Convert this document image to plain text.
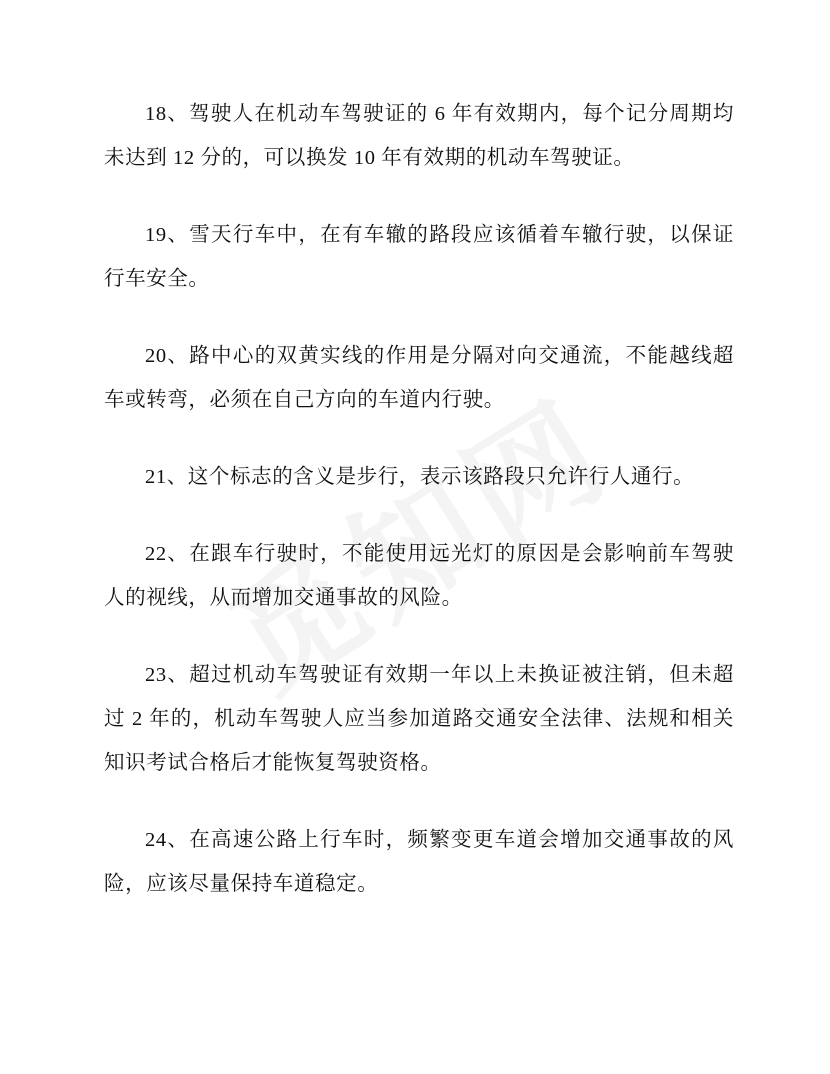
18、驾驶人在机动车驾驶证的 6 年有效期内，每个记分周期均未达到 12 分的，可以换发 10 年有效期的机动车驾驶证。

19、雪天行车中，在有车辙的路段应该循着车辙行驶，以保证行车安全。

20、路中心的双黄实线的作用是分隔对向交通流，不能越线超车或转弯，必须在自己方向的车道内行驶。

21、这个标志的含义是步行，表示该路段只允许行人通行。

22、在跟车行驶时，不能使用远光灯的原因是会影响前车驾驶人的视线，从而增加交通事故的风险。

23、超过机动车驾驶证有效期一年以上未换证被注销，但未超过 2 年的，机动车驾驶人应当参加道路交通安全法律、法规和相关知识考试合格后才能恢复驾驶资格。

24、在高速公路上行车时，频繁变更车道会增加交通事故的风险，应该尽量保持车道稳定。
